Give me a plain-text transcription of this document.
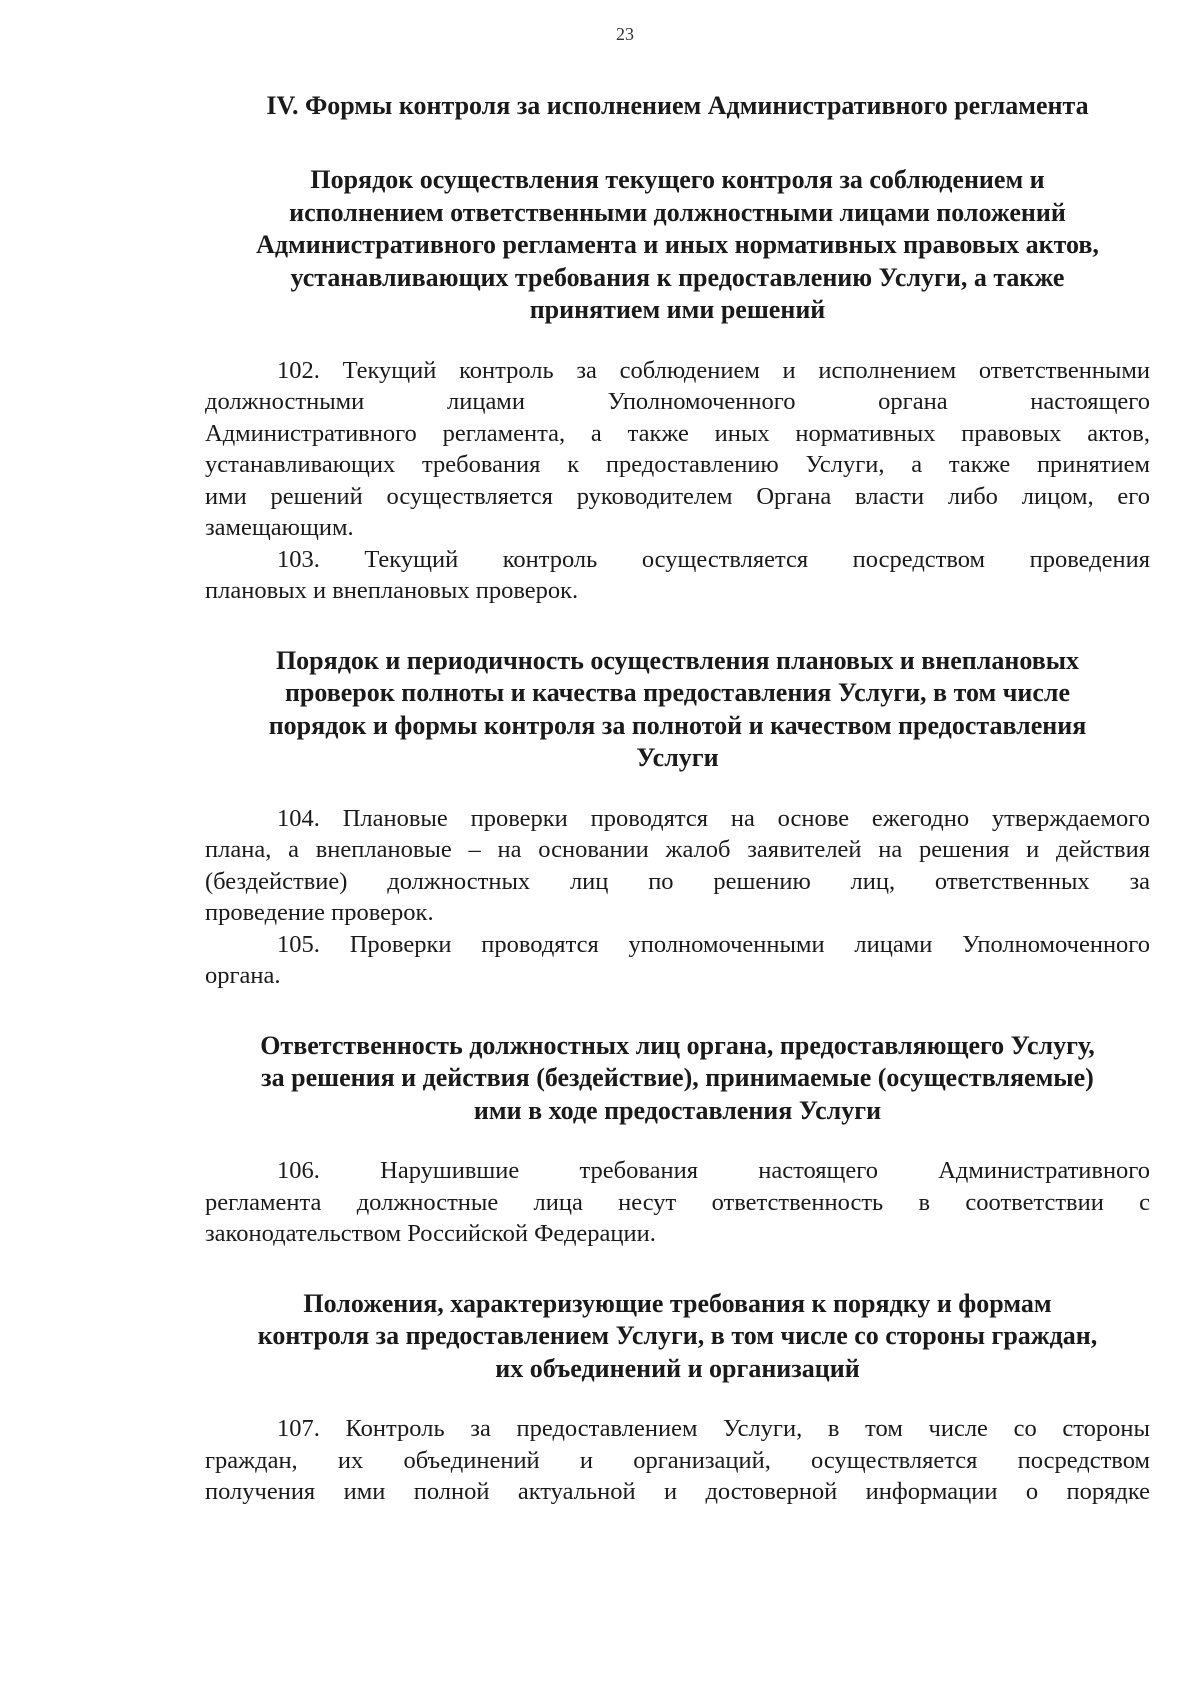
23
IV. Формы контроля за исполнением Административного регламента
Порядок осуществления текущего контроля за соблюдением и
исполнением ответственными должностными лицами положений
Административного регламента и иных нормативных правовых актов,
устанавливающих требования к предоставлению Услуги, а также
принятием ими решений
102. Текущий контроль за соблюдением и исполнением ответственными
должностными лицами Уполномоченного органа настоящего
Административного регламента, а также иных нормативных правовых актов,
устанавливающих требования к предоставлению Услуги, а также принятием
ими решений осуществляется руководителем Органа власти либо лицом, его
замещающим.
103. Текущий контроль осуществляется посредством проведения
плановых и внеплановых проверок.
Порядок и периодичность осуществления плановых и внеплановых
проверок полноты и качества предоставления Услуги, в том числе
порядок и формы контроля за полнотой и качеством предоставления
Услуги
104. Плановые проверки проводятся на основе ежегодно утверждаемого
плана, а внеплановые – на основании жалоб заявителей на решения и действия
(бездействие) должностных лиц по решению лиц, ответственных за
проведение проверок.
105. Проверки проводятся уполномоченными лицами Уполномоченного
органа.
Ответственность должностных лиц органа, предоставляющего Услугу,
за решения и действия (бездействие), принимаемые (осуществляемые)
ими в ходе предоставления Услуги
106. Нарушившие требования настоящего Административного
регламента должностные лица несут ответственность в соответствии с
законодательством Российской Федерации.
Положения, характеризующие требования к порядку и формам
контроля за предоставлением Услуги, в том числе со стороны граждан,
их объединений и организаций
107. Контроль за предоставлением Услуги, в том числе со стороны
граждан, их объединений и организаций, осуществляется посредством
получения ими полной актуальной и достоверной информации о порядке
